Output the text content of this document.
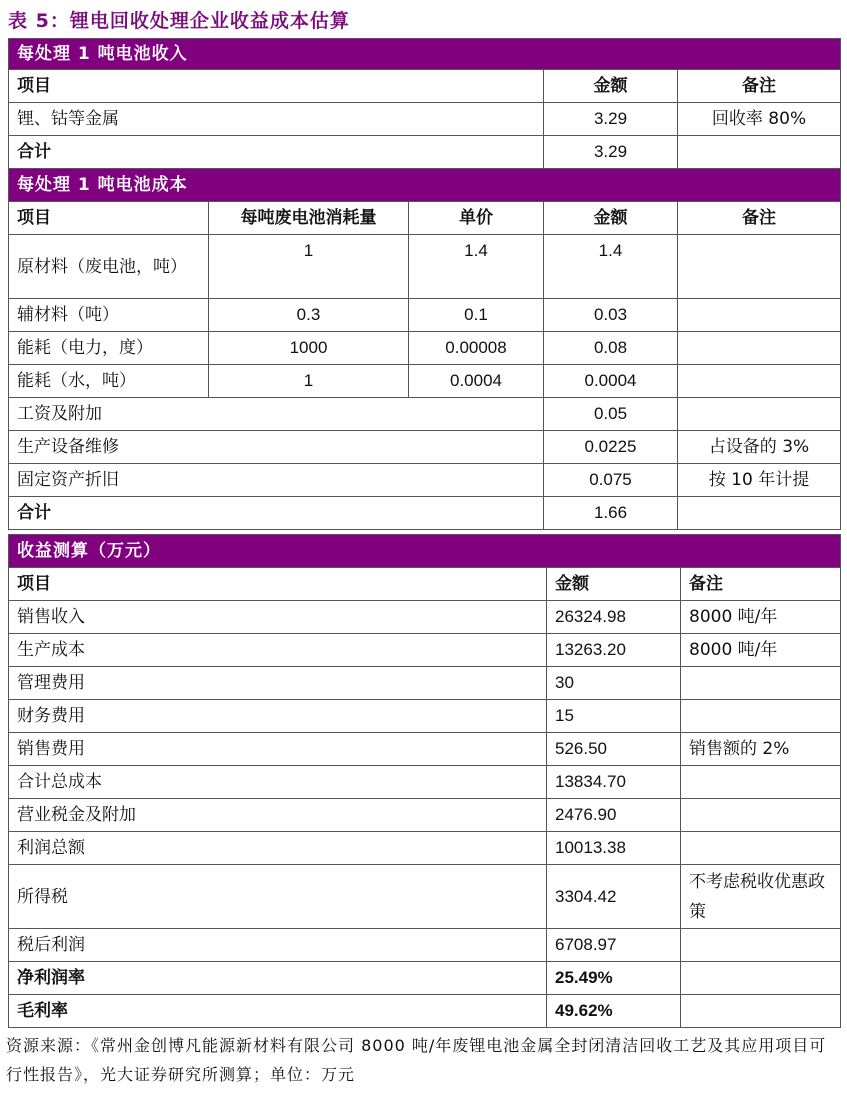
表 5：锂电回收处理企业收益成本估算
每处理 1 吨电池收入				
项目			金额	备注
锂、钴等金属			3.29	回收率 80%
合计			3.29	
每处理 1 吨电池成本				
项目	每吨废电池消耗量	单价	金额	备注
原材料（废电池，吨）	1	1.4	1.4	
辅材料（吨）	0.3	0.1	0.03	
能耗（电力，度）	1000	0.00008	0.08	
能耗（水，吨）	1	0.0004	0.0004	
工资及附加			0.05	
生产设备维修			0.0225	占设备的 3%
固定资产折旧			0.075	按 10 年计提
合计			1.66	
收益测算（万元）		
项目	金额	备注
销售收入	26324.98	8000 吨/年
生产成本	13263.20	8000 吨/年
管理费用	30	
财务费用	15	
销售费用	526.50	销售额的 2%
合计总成本	13834.70	
营业税金及附加	2476.90	
利润总额	10013.38	
所得税	3304.42	不考虑税收优惠政策
税后利润	6708.97	
净利润率	25.49%	
毛利率	49.62%	
资源来源：《常州金创博凡能源新材料有限公司 8000 吨/年废锂电池金属全封闭清洁回收工艺及其应用项目可行性报告》，光大证券研究所测算；单位：万元
